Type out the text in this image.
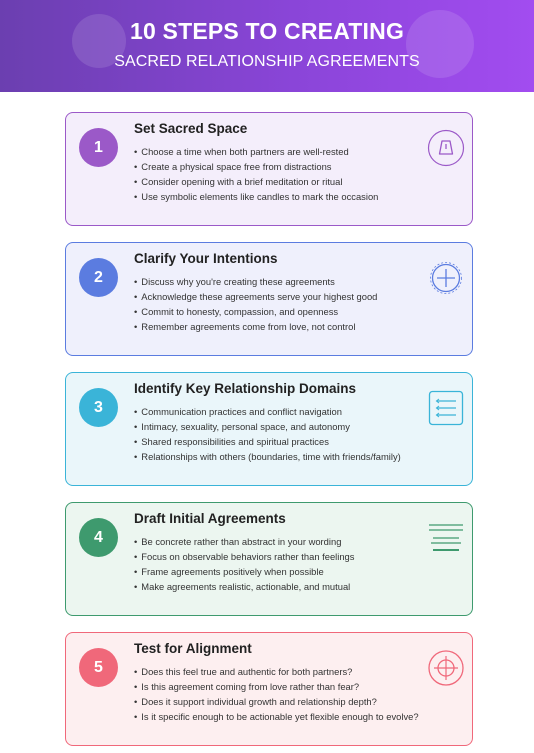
10 STEPS TO CREATING
SACRED RELATIONSHIP AGREEMENTS
1
Set Sacred Space
• Choose a time when both partners are well-rested
• Create a physical space free from distractions
• Consider opening with a brief meditation or ritual
• Use symbolic elements like candles to mark the occasion
2
Clarify Your Intentions
• Discuss why you're creating these agreements
• Acknowledge these agreements serve your highest good
• Commit to honesty, compassion, and openness
• Remember agreements come from love, not control
3
Identify Key Relationship Domains
• Communication practices and conflict navigation
• Intimacy, sexuality, personal space, and autonomy
• Shared responsibilities and spiritual practices
• Relationships with others (boundaries, time with friends/family)
4
Draft Initial Agreements
• Be concrete rather than abstract in your wording
• Focus on observable behaviors rather than feelings
• Frame agreements positively when possible
• Make agreements realistic, actionable, and mutual
5
Test for Alignment
• Does this feel true and authentic for both partners?
• Is this agreement coming from love rather than fear?
• Does it support individual growth and relationship depth?
• Is it specific enough to be actionable yet flexible enough to evolve?
